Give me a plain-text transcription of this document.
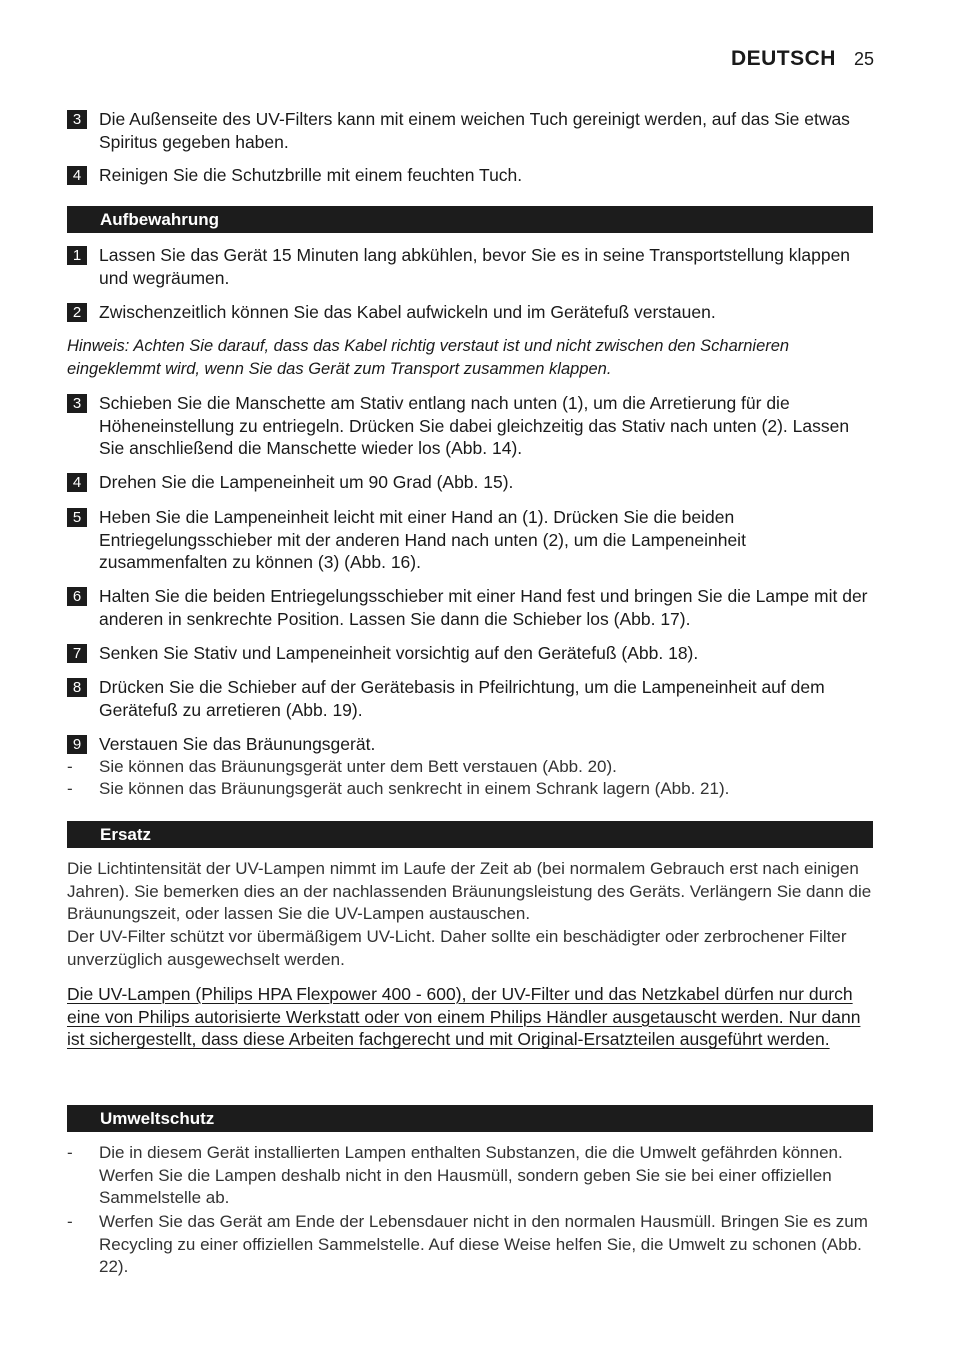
DEUTSCH 25
3	Die Außenseite des UV-Filters kann mit einem weichen Tuch gereinigt werden, auf das Sie etwas Spiritus gegeben haben.
4	Reinigen Sie die Schutzbrille mit einem feuchten Tuch.
Aufbewahrung
1	Lassen Sie das Gerät 15 Minuten lang abkühlen, bevor Sie es in seine Transportstellung klappen und wegräumen.
2	Zwischenzeitlich können Sie das Kabel aufwickeln und im Gerätefuß verstauen.
Hinweis: Achten Sie darauf, dass das Kabel richtig verstaut ist und nicht zwischen den Scharnieren eingeklemmt wird, wenn Sie das Gerät zum Transport zusammen klappen.
3	Schieben Sie die Manschette am Stativ entlang nach unten (1), um die Arretierung für die Höheneinstellung zu entriegeln. Drücken Sie dabei gleichzeitig das Stativ nach unten (2). Lassen Sie anschließend die Manschette wieder los (Abb. 14).
4	Drehen Sie die Lampeneinheit um 90 Grad (Abb. 15).
5	Heben Sie die Lampeneinheit leicht mit einer Hand an (1). Drücken Sie die beiden Entriegelungsschieber mit der anderen Hand nach unten (2), um die Lampeneinheit zusammenfalten zu können (3) (Abb. 16).
6	Halten Sie die beiden Entriegelungsschieber mit einer Hand fest und bringen Sie die Lampe mit der anderen in senkrechte Position. Lassen Sie dann die Schieber los (Abb. 17).
7	Senken Sie Stativ und Lampeneinheit vorsichtig auf den Gerätefuß (Abb. 18).
8	Drücken Sie die Schieber auf der Gerätebasis in Pfeilrichtung, um die Lampeneinheit auf dem Gerätefuß zu arretieren (Abb. 19).
9	Verstauen Sie das Bräunungsgerät.
-	Sie können das Bräunungsgerät unter dem Bett verstauen (Abb. 20).
-	Sie können das Bräunungsgerät auch senkrecht in einem Schrank lagern (Abb. 21).
Ersatz
Die Lichtintensität der UV-Lampen nimmt im Laufe der Zeit ab (bei normalem Gebrauch erst nach einigen Jahren). Sie bemerken dies an der nachlassenden Bräunungsleistung des Geräts. Verlängern Sie dann die Bräunungszeit, oder lassen Sie die UV-Lampen austauschen.
Der UV-Filter schützt vor übermäßigem UV-Licht. Daher sollte ein beschädigter oder zerbrochener Filter unverzüglich ausgewechselt werden.
Die UV-Lampen (Philips HPA Flexpower 400 - 600), der UV-Filter und das Netzkabel dürfen nur durch eine von Philips autorisierte Werkstatt oder von einem Philips Händler ausgetauscht werden. Nur dann ist sichergestellt, dass diese Arbeiten fachgerecht und mit Original-Ersatzteilen ausgeführt werden.
Umweltschutz
-	Die in diesem Gerät installierten Lampen enthalten Substanzen, die die Umwelt gefährden können. Werfen Sie die Lampen deshalb nicht in den Hausmüll, sondern geben Sie sie bei einer offiziellen Sammelstelle ab.
-	Werfen Sie das Gerät am Ende der Lebensdauer nicht in den normalen Hausmüll. Bringen Sie es zum Recycling zu einer offiziellen Sammelstelle. Auf diese Weise helfen Sie, die Umwelt zu schonen (Abb. 22).
